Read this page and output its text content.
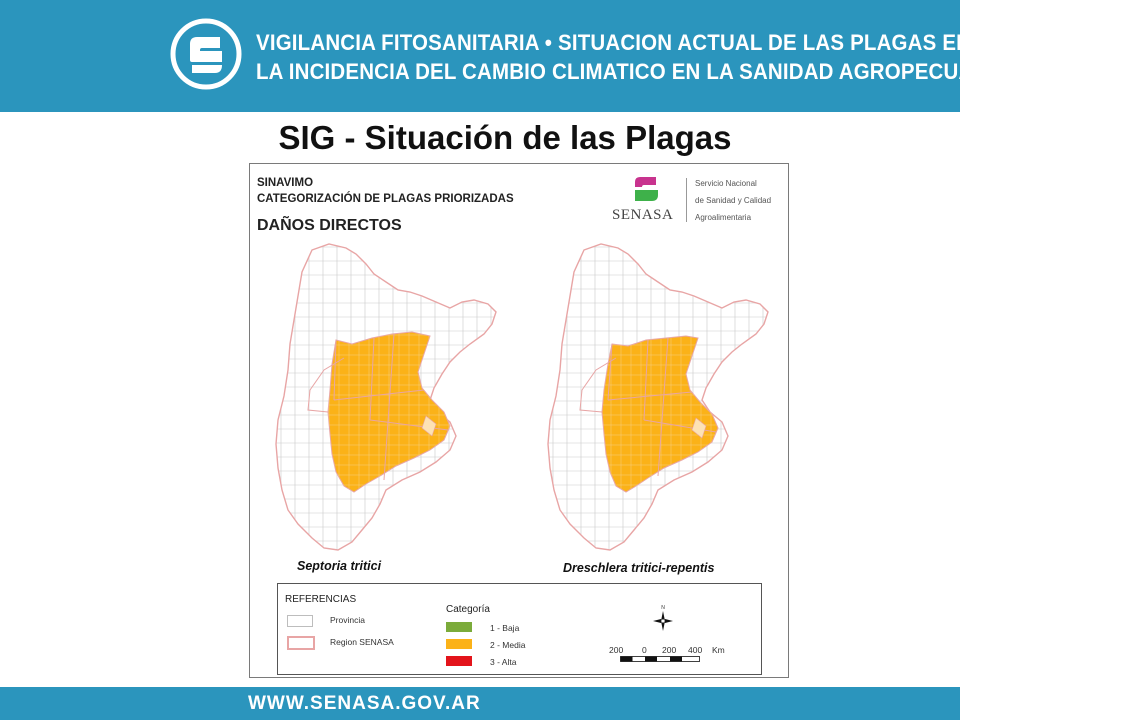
VIGILANCIA FITOSANITARIA • SITUACION ACTUAL DE LAS PLAGAS EN LA ARGENTINA
LA INCIDENCIA DEL CAMBIO CLIMATICO EN LA SANIDAD AGROPECUARIA
SIG - Situación de las Plagas
SINAVIMO
CATEGORIZACIÓN DE PLAGAS PRIORIZADAS
DAÑOS DIRECTOS
SENASA
Servicio Nacional
de Sanidad y Calidad
Agroalimentaria
Septoria tritici	Dreschlera tritici-repentis
REFERENCIAS
Provincia
Region SENASA
Categoría
1 - Baja
2 - Media
3 - Alta
N
200 0 200 400 Km
WWW.SENASA.GOV.AR
